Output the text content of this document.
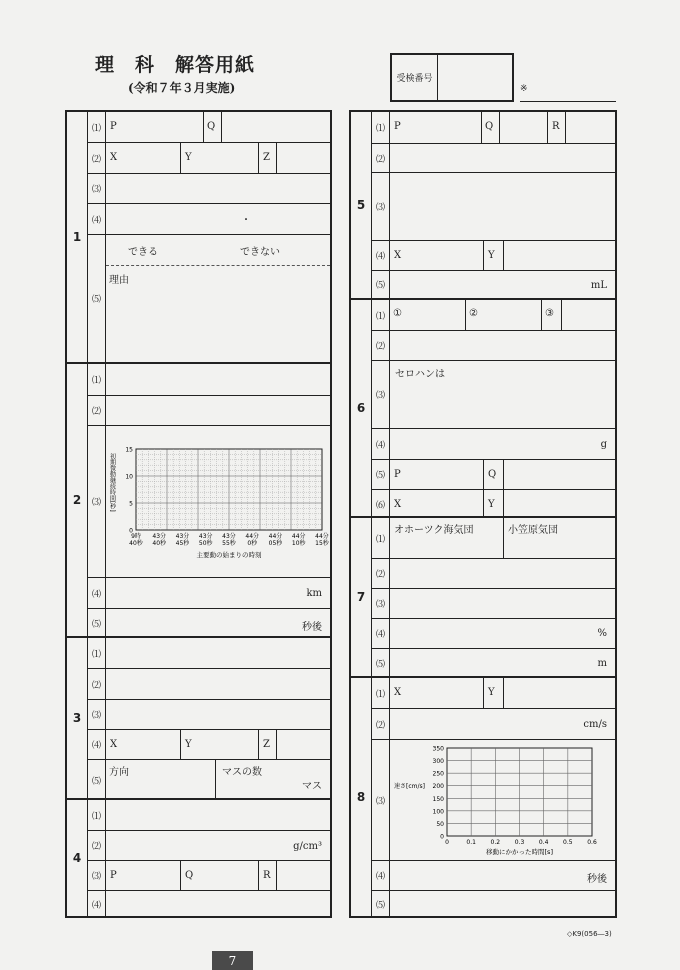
理　科　解答用紙
(令和７年３月実施)
受検番号
※
1
⑴ P	Q
⑵ X	Y	Z
⑶
⑷	・
⑸
できる	できない
理由
2
⑴
⑵
⑶
15
10
5
0
9時
40秒
43分
40秒
43分
45秒
43分
50秒
43分
55秒
44分
0秒
44分
05秒
44分
10秒
44分
15秒
初期微動継続時間[秒]
主要動の始まりの時刻
⑷	km
⑸	秒後
3
⑴
⑵
⑶
⑷ X	Y	Z
⑸
方向	マスの数
マス
4
⑴
⑵	g/cm³
⑶ P	Q	R
⑷
5
⑴ P	Q	R
⑵
⑶
⑷ X	Y
⑸	mL
6
⑴ ①	②	③
⑵
⑶
セロハンは
⑷	g
⑸ P	Q
⑹ X	Y
7
⑴
オホーツク海気団	小笠原気団
⑵
⑶
⑷	%
⑸	m
8
⑴ X	Y
⑵	cm/s
⑶
350
300
250
200
150
100
50
0
0	0.1 0.2 0.3 0.4 0.5 0.6
速さ[cm/s]
移動にかかった時間[s]
⑷	秒後
⑸
◇K9(056―3)
7
